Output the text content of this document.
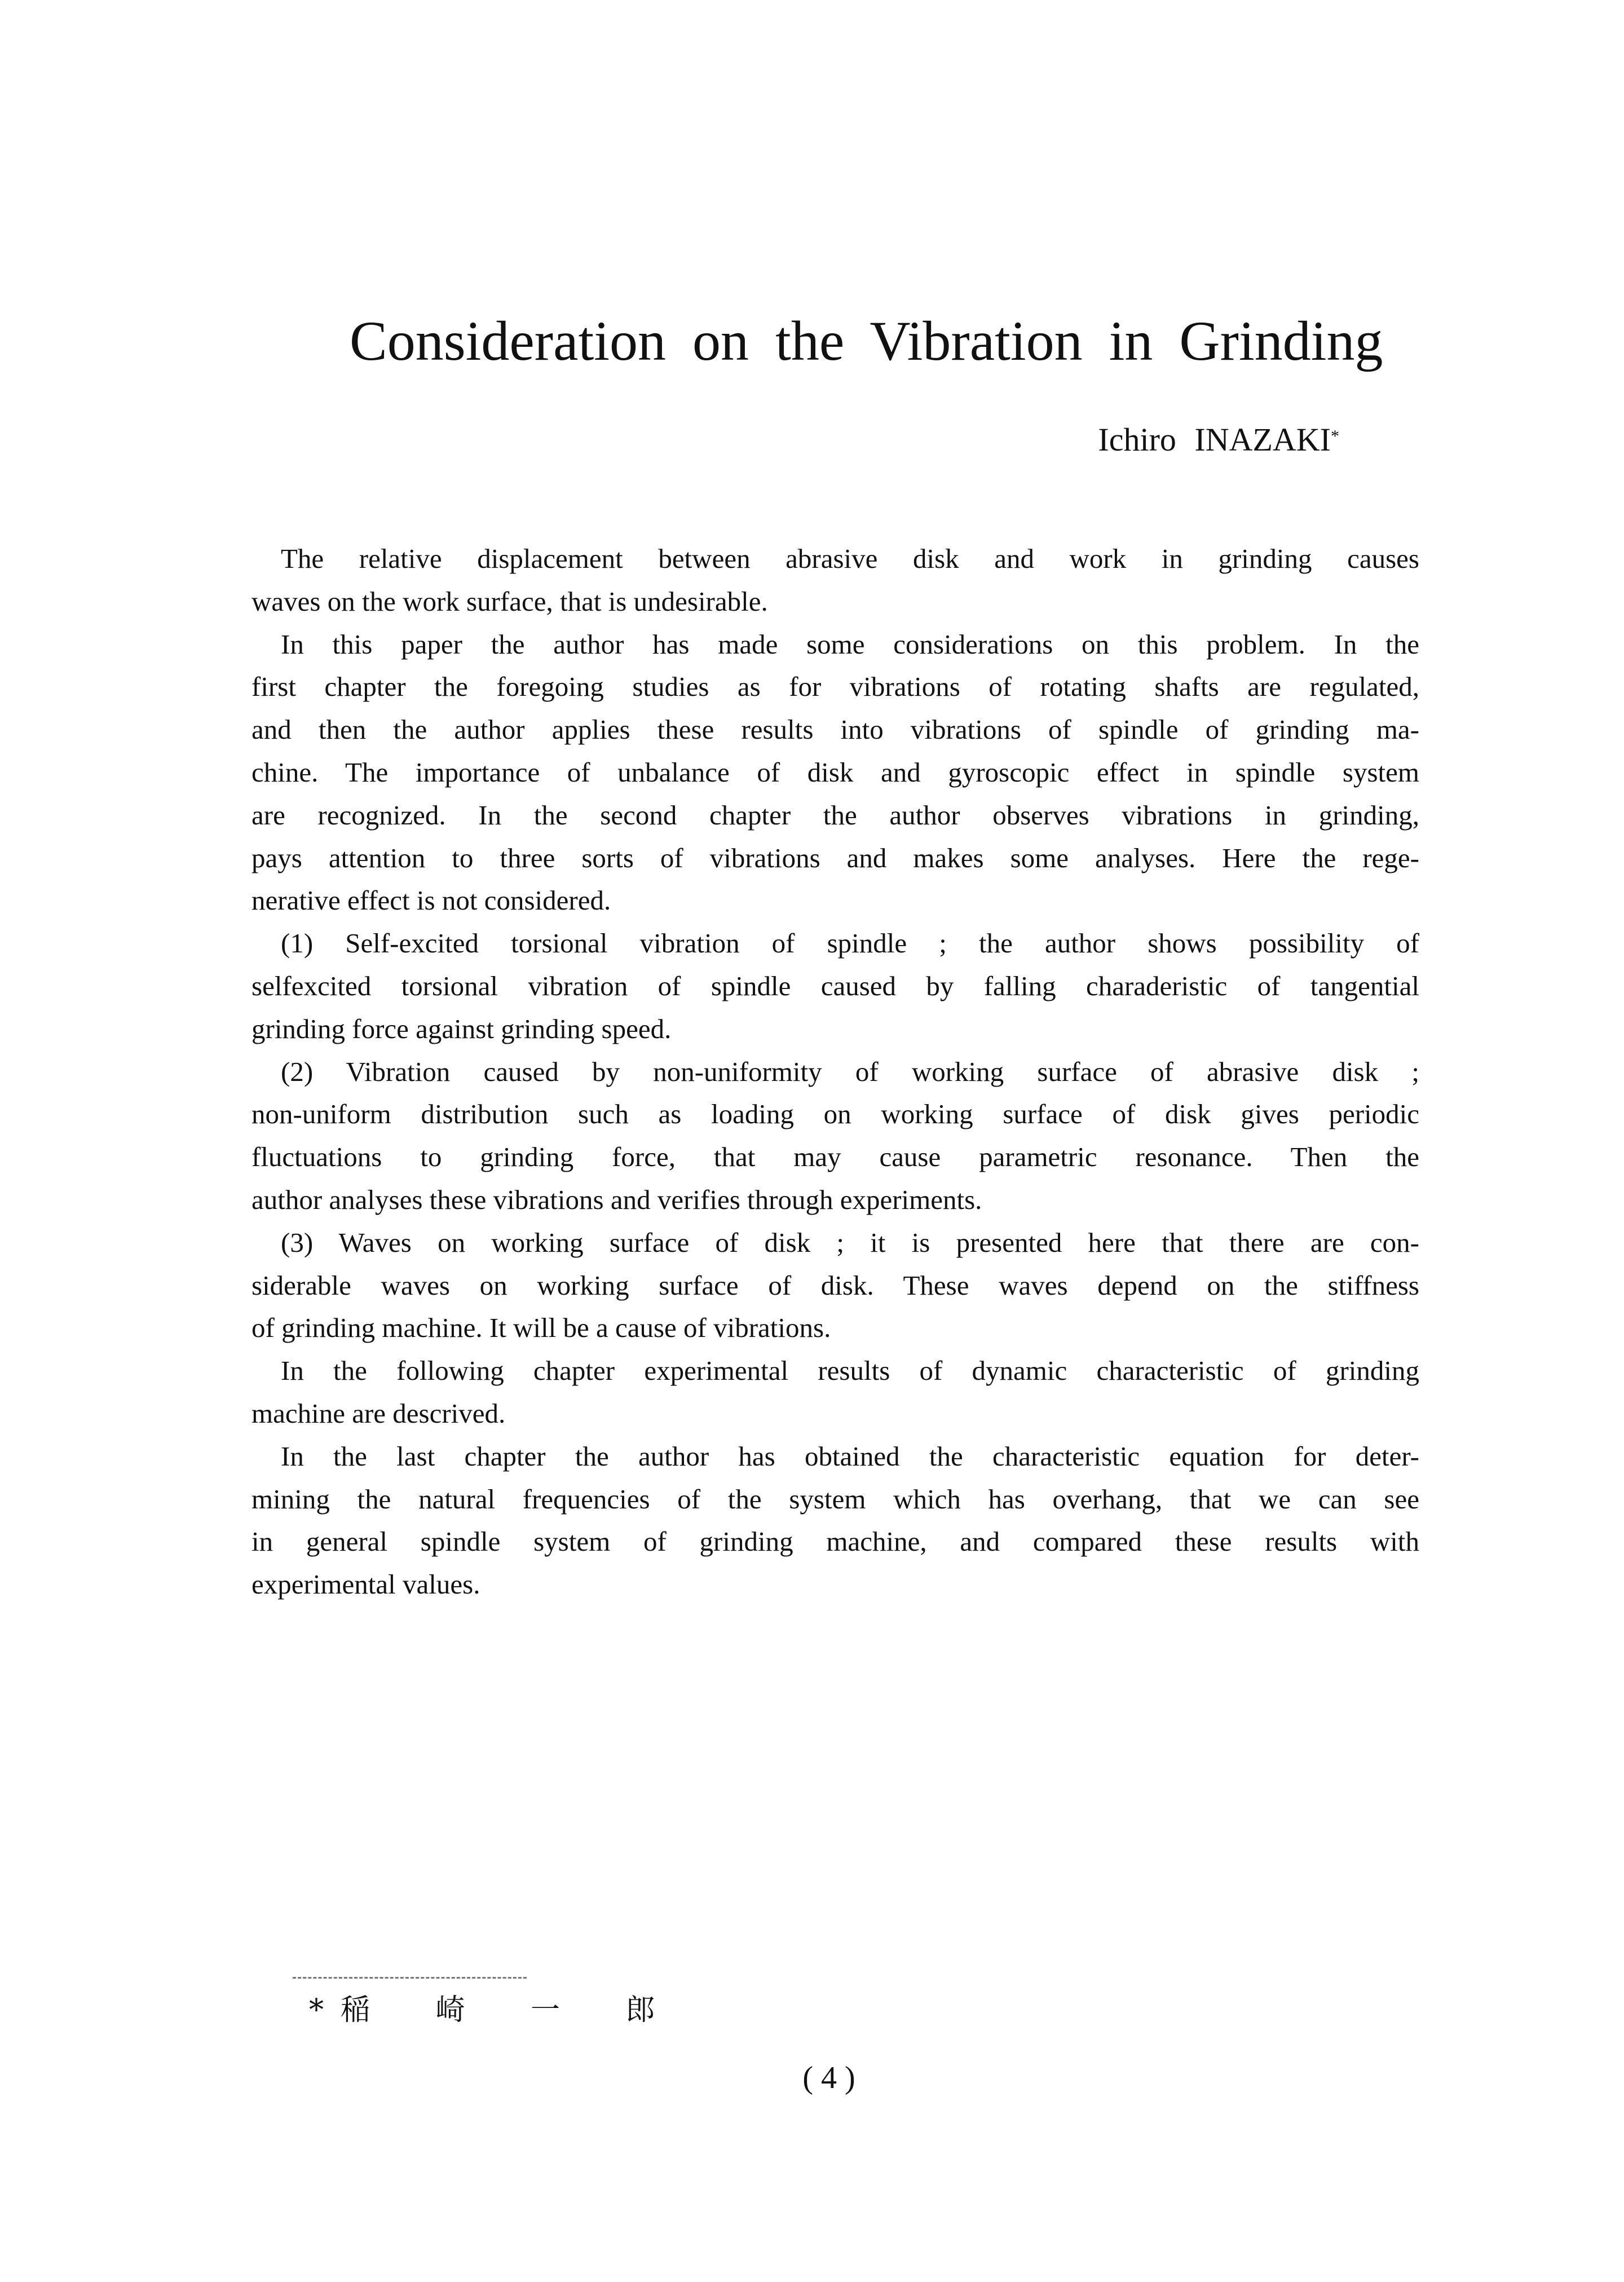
Consideration on the Vibration in Grinding
Ichiro INAZAKI*
The relative displacement between abrasive disk and work in grinding causes
waves on the work surface, that is undesirable.
In this paper the author has made some considerations on this problem. In the
first chapter the foregoing studies as for vibrations of rotating shafts are regulated,
and then the author applies these results into vibrations of spindle of grinding ma-
chine. The importance of unbalance of disk and gyroscopic effect in spindle system
are recognized. In the second chapter the author observes vibrations in grinding,
pays attention to three sorts of vibrations and makes some analyses. Here the rege-
nerative effect is not considered.
(1) Self-excited torsional vibration of spindle ; the author shows possibility of
selfexcited torsional vibration of spindle caused by falling charaderistic of tangential
grinding force against grinding speed.
(2) Vibration caused by non-uniformity of working surface of abrasive disk ;
non-uniform distribution such as loading on working surface of disk gives periodic
fluctuations to grinding force, that may cause parametric resonance. Then the
author analyses these vibrations and verifies through experiments.
(3) Waves on working surface of disk ; it is presented here that there are con-
siderable waves on working surface of disk. These waves depend on the stiffness
of grinding machine. It will be a cause of vibrations.
In the following chapter experimental results of dynamic characteristic of grinding
machine are descrived.
In the last chapter the author has obtained the characteristic equation for deter-
mining the natural frequencies of the system which has overhang, that we can see
in general spindle system of grinding machine, and compared these results with
experimental values.
*稲 崎 一 郎
( 4 )
